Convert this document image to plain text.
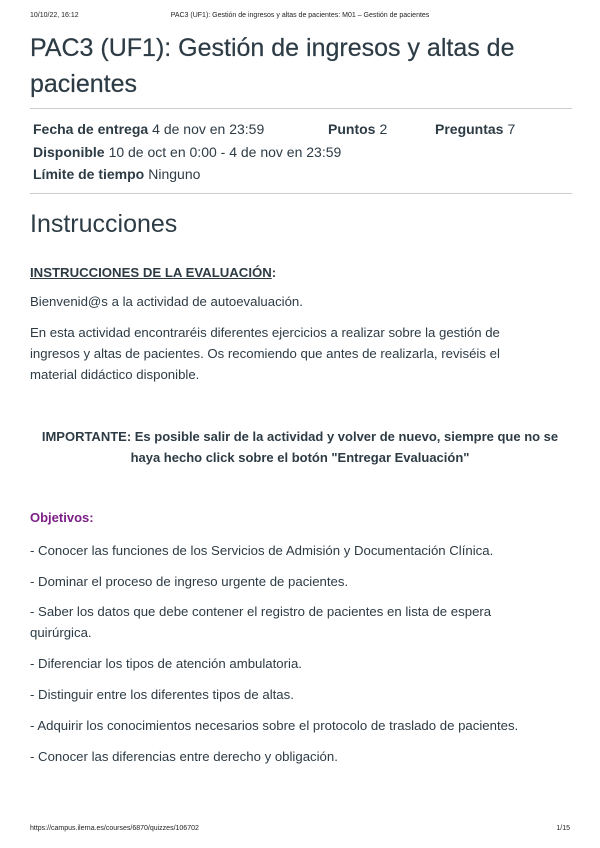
10/10/22, 16:12	PAC3 (UF1): Gestión de ingresos y altas de pacientes: M01 – Gestión de pacientes
PAC3 (UF1): Gestión de ingresos y altas de pacientes
Fecha de entrega 4 de nov en 23:59	Puntos 2	Preguntas 7
Disponible 10 de oct en 0:00 - 4 de nov en 23:59
Límite de tiempo Ninguno
Instrucciones

INSTRUCCIONES DE LA EVALUACIÓN:

Bienvenid@s a la actividad de autoevaluación.

En esta actividad encontraréis diferentes ejercicios a realizar sobre la gestión de ingresos y altas de pacientes. Os recomiendo que antes de realizarla, reviséis el material didáctico disponible.

IMPORTANTE: Es posible salir de la actividad y volver de nuevo, siempre que no se haya hecho click sobre el botón "Entregar Evaluación"
Objetivos:

- Conocer las funciones de los Servicios de Admisión y Documentación Clínica.

- Dominar el proceso de ingreso urgente de pacientes.

- Saber los datos que debe contener el registro de pacientes en lista de espera quirúrgica.

- Diferenciar los tipos de atención ambulatoria.

- Distinguir entre los diferentes tipos de altas.

- Adquirir los conocimientos necesarios sobre el protocolo de traslado de pacientes.

- Conocer las diferencias entre derecho y obligación.

https://campus.ilerna.es/courses/6870/quizzes/106702	1/15
